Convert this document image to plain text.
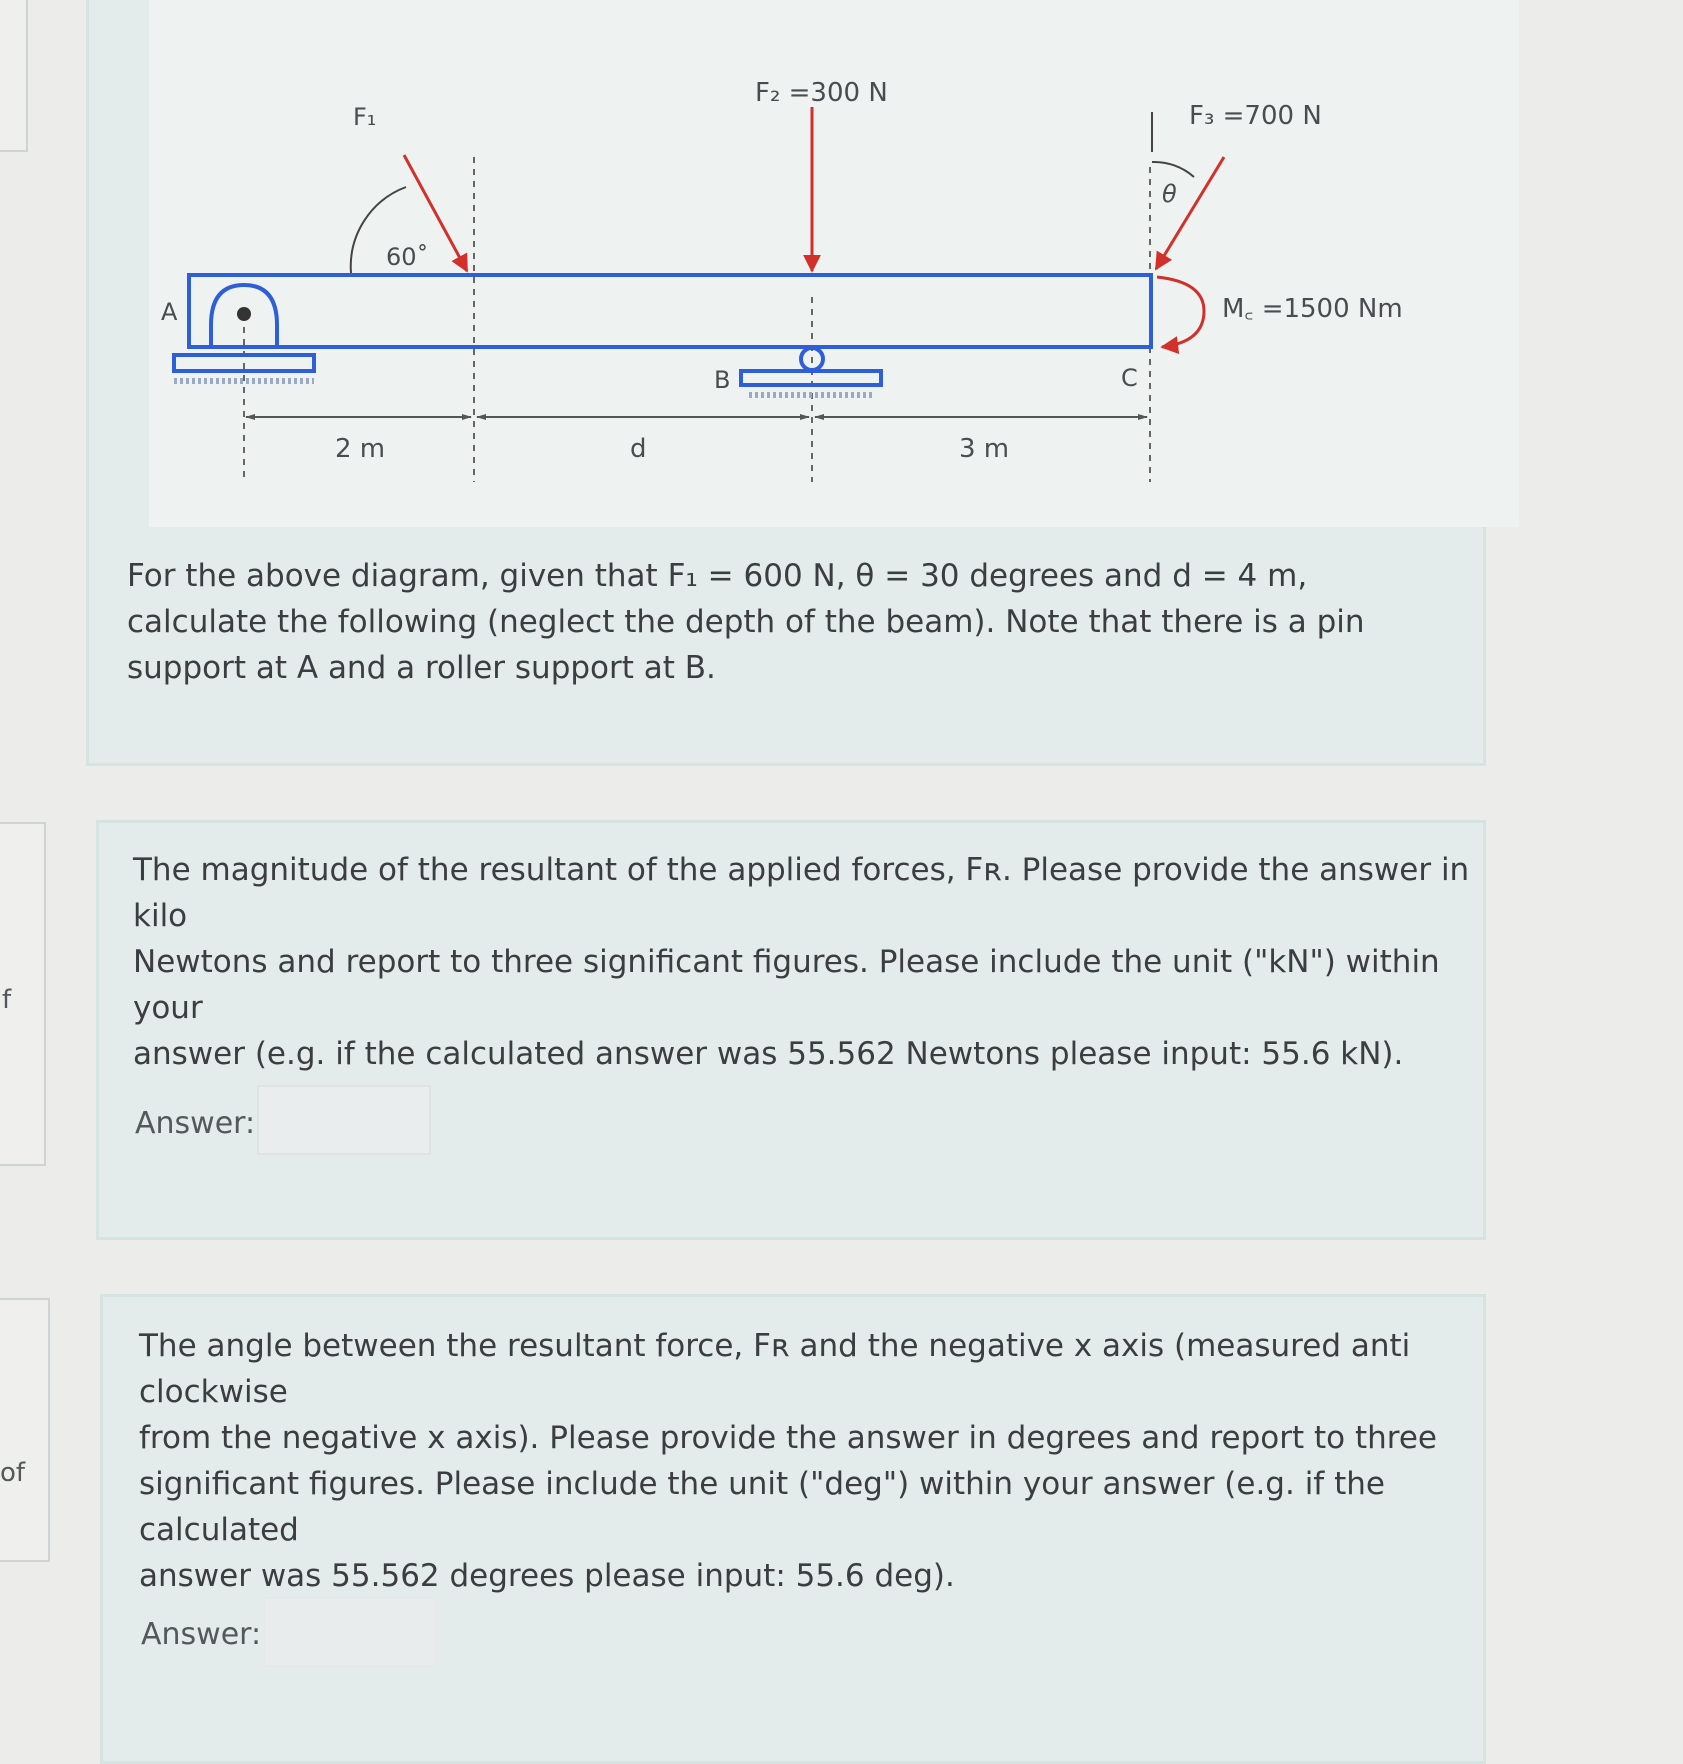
f
of
A
B	C
F₁
F₂ =300 N
F₃ =700 N
M꜀ =1500 Nm
60˚
θ
2 m	d	3 m
For the above diagram, given that F₁ = 600 N, θ = 30 degrees and d = 4 m, calculate the following (neglect the depth of the beam). Note that there is a pin support at A and a roller support at B.
The magnitude of the resultant of the applied forces, Fʀ. Please provide the answer in kilo
Newtons and report to three significant figures. Please include the unit ("kN") within your
answer (e.g. if the calculated answer was 55.562 Newtons please input: 55.6 kN).
Answer:
The angle between the resultant force, Fʀ and the negative x axis (measured anti clockwise
from the negative x axis). Please provide the answer in degrees and report to three
significant figures. Please include the unit ("deg") within your answer (e.g. if the calculated
answer was 55.562 degrees please input: 55.6 deg).
Answer:
